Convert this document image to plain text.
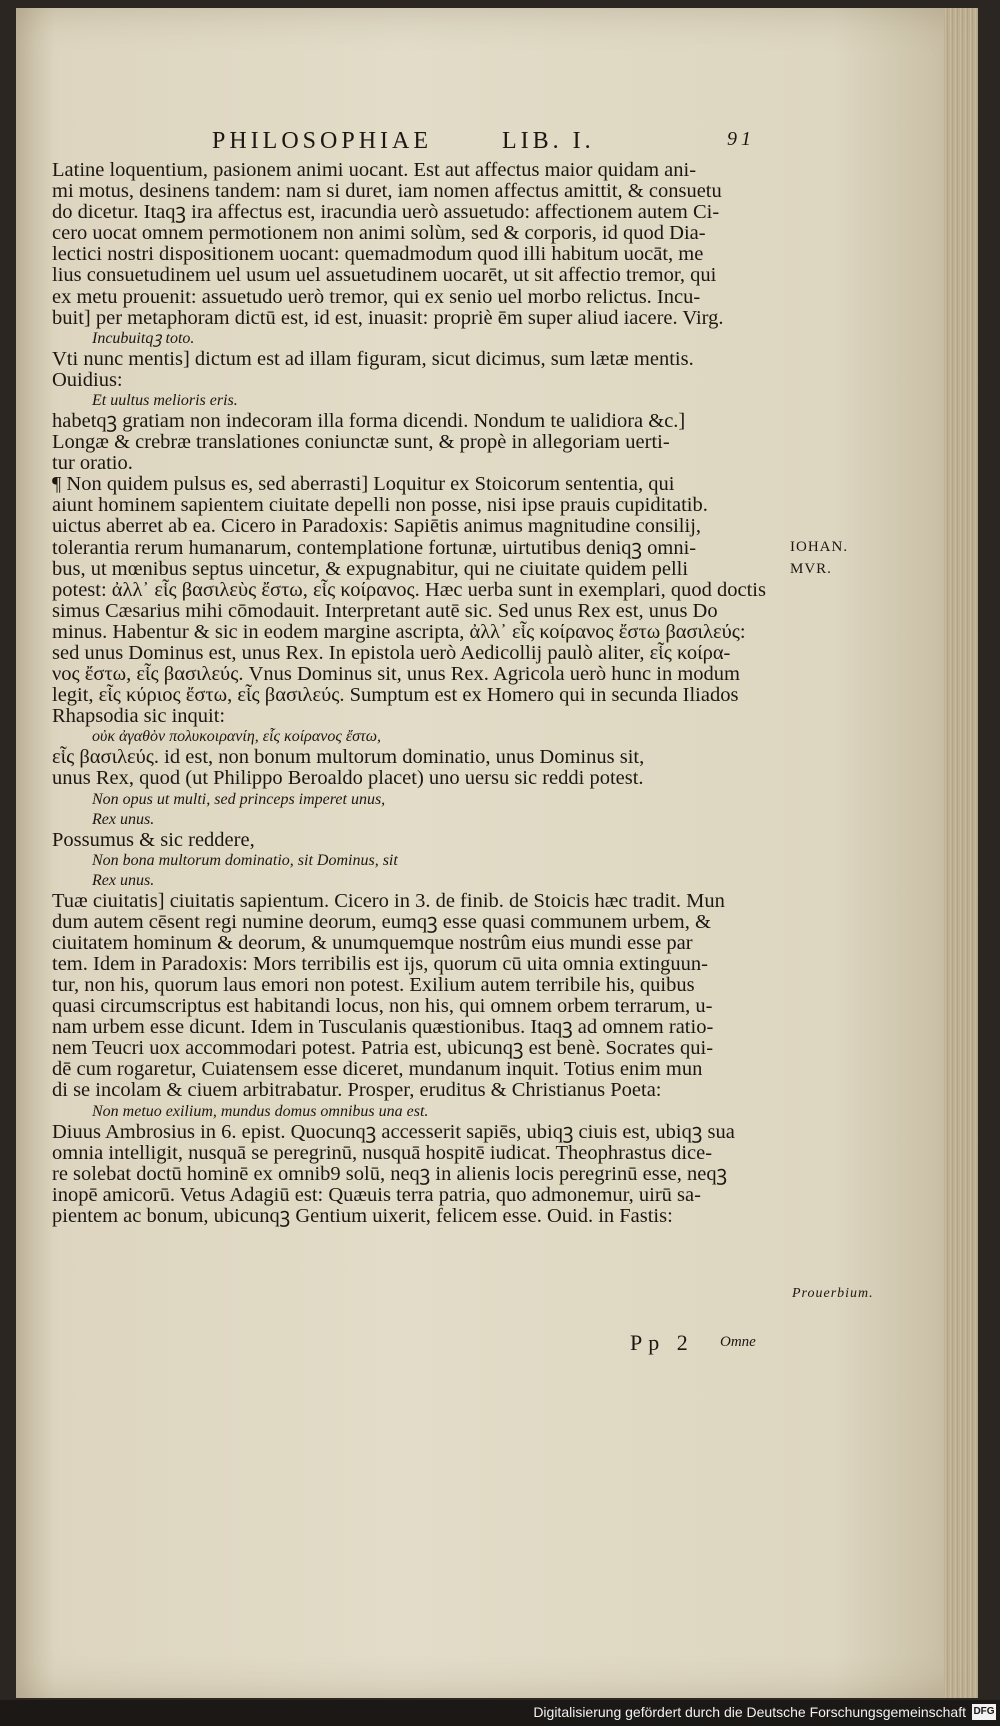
PHILOSOPHIAE	LIB. I.	91

Latine loquentium, pasionem animi uocant. Est aut affectus maior quidam ani-

mi motus, desinens tandem: nam si duret, iam nomen affectus amittit, & consuetu

do dicetur. Itaqꝫ ira affectus est, iracundia uerò assuetudo: affectionem autem Ci-

cero uocat omnem permotionem non animi solùm, sed & corporis, id quod Dia-

lectici nostri dispositionem uocant: quemadmodum quod illi habitum uocāt, me

lius consuetudinem uel usum uel assuetudinem uocarēt, ut sit affectio tremor, qui

ex metu prouenit: assuetudo uerò tremor, qui ex senio uel morbo relictus. Incu-

buit] per metaphoram dictū est, id est, inuasit: propriè ēm super aliud iacere. Virg.

Incubuitqꝫ toto.

Vti nunc mentis] dictum est ad illam figuram, sicut dicimus, sum lætæ mentis.

Ouidius:

Et uultus melioris eris.

habetqꝫ gratiam non indecoram illa forma dicendi. Nondum te ualidiora &c.]

Longæ & crebræ translationes coniunctæ sunt, & propè in allegoriam uerti-

tur oratio.

¶ Non quidem pulsus es, sed aberrasti] Loquitur ex Stoicorum sententia, qui

aiunt hominem sapientem ciuitate depelli non posse, nisi ipse prauis cupiditatib.

uictus aberret ab ea. Cicero in Paradoxis: Sapiētis animus magnitudine consilij,

tolerantia rerum humanarum, contemplatione fortunæ, uirtutibus deniqꝫ omni-

bus, ut mœnibus septus uincetur, & expugnabitur, qui ne ciuitate quidem pelli

potest: ἀλλ᾽ εἷς βασιλεὺς ἔστω, εἷς κοίρανος. Hæc uerba sunt in exemplari, quod doctis

simus Cæsarius mihi cōmodauit. Interpretant autē sic. Sed unus Rex est, unus Do

minus. Habentur & sic in eodem margine ascripta, ἀλλ᾽ εἷς κοίρανος ἔστω βασιλεύς:

sed unus Dominus est, unus Rex. In epistola uerò Aedicollij paulò aliter, εἷς κοίρα-

νος ἔστω, εἷς βασιλεύς. Vnus Dominus sit, unus Rex. Agricola uerò hunc in modum

legit, εἷς κύριος ἔστω, εἷς βασιλεύς. Sumptum est ex Homero qui in secunda Iliados

Rhapsodia sic inquit:

οὐκ ἀγαθὸν πολυκοιρανίη, εἷς κοίρανος ἔστω,

εἷς βασιλεύς. id est, non bonum multorum dominatio, unus Dominus sit,

unus Rex, quod (ut Philippo Beroaldo placet) uno uersu sic reddi potest.

Non opus ut multi, sed princeps imperet unus,

Rex unus.

Possumus & sic reddere,

Non bona multorum dominatio, sit Dominus, sit

Rex unus.

Tuæ ciuitatis] ciuitatis sapientum. Cicero in 3. de finib. de Stoicis hæc tradit. Mun

dum autem cēsent regi numine deorum, eumqꝫ esse quasi communem urbem, &

ciuitatem hominum & deorum, & unumquemque nostrûm eius mundi esse par

tem. Idem in Paradoxis: Mors terribilis est ijs, quorum cū uita omnia extinguun-

tur, non his, quorum laus emori non potest. Exilium autem terribile his, quibus

quasi circumscriptus est habitandi locus, non his, qui omnem orbem terrarum, u-

nam urbem esse dicunt. Idem in Tusculanis quæstionibus. Itaqꝫ ad omnem ratio-

nem Teucri uox accommodari potest. Patria est, ubicunqꝫ est benè. Socrates qui-

dē cum rogaretur, Cuiatensem esse diceret, mundanum inquit. Totius enim mun

di se incolam & ciuem arbitrabatur. Prosper, eruditus & Christianus Poeta:

Non metuo exilium, mundus domus omnibus una est.

Diuus Ambrosius in 6. epist. Quocunqꝫ accesserit sapiēs, ubiqꝫ ciuis est, ubiqꝫ sua

omnia intelligit, nusquā se peregrinū, nusquā hospitē iudicat. Theophrastus dice-

re solebat doctū hominē ex omnib9 solū, neqꝫ in alienis locis peregrinū esse, neqꝫ

inopē amicorū. Vetus Adagiū est: Quæuis terra patria, quo admonemur, uirū sa-

pientem ac bonum, ubicunqꝫ Gentium uixerit, felicem esse. Ouid. in Fastis:

IOHAN.
MVR.
Prouerbium.
Pp 2 Omne
Digitalisierung gefördert durch die Deutsche Forschungsgemeinschaft DFG
